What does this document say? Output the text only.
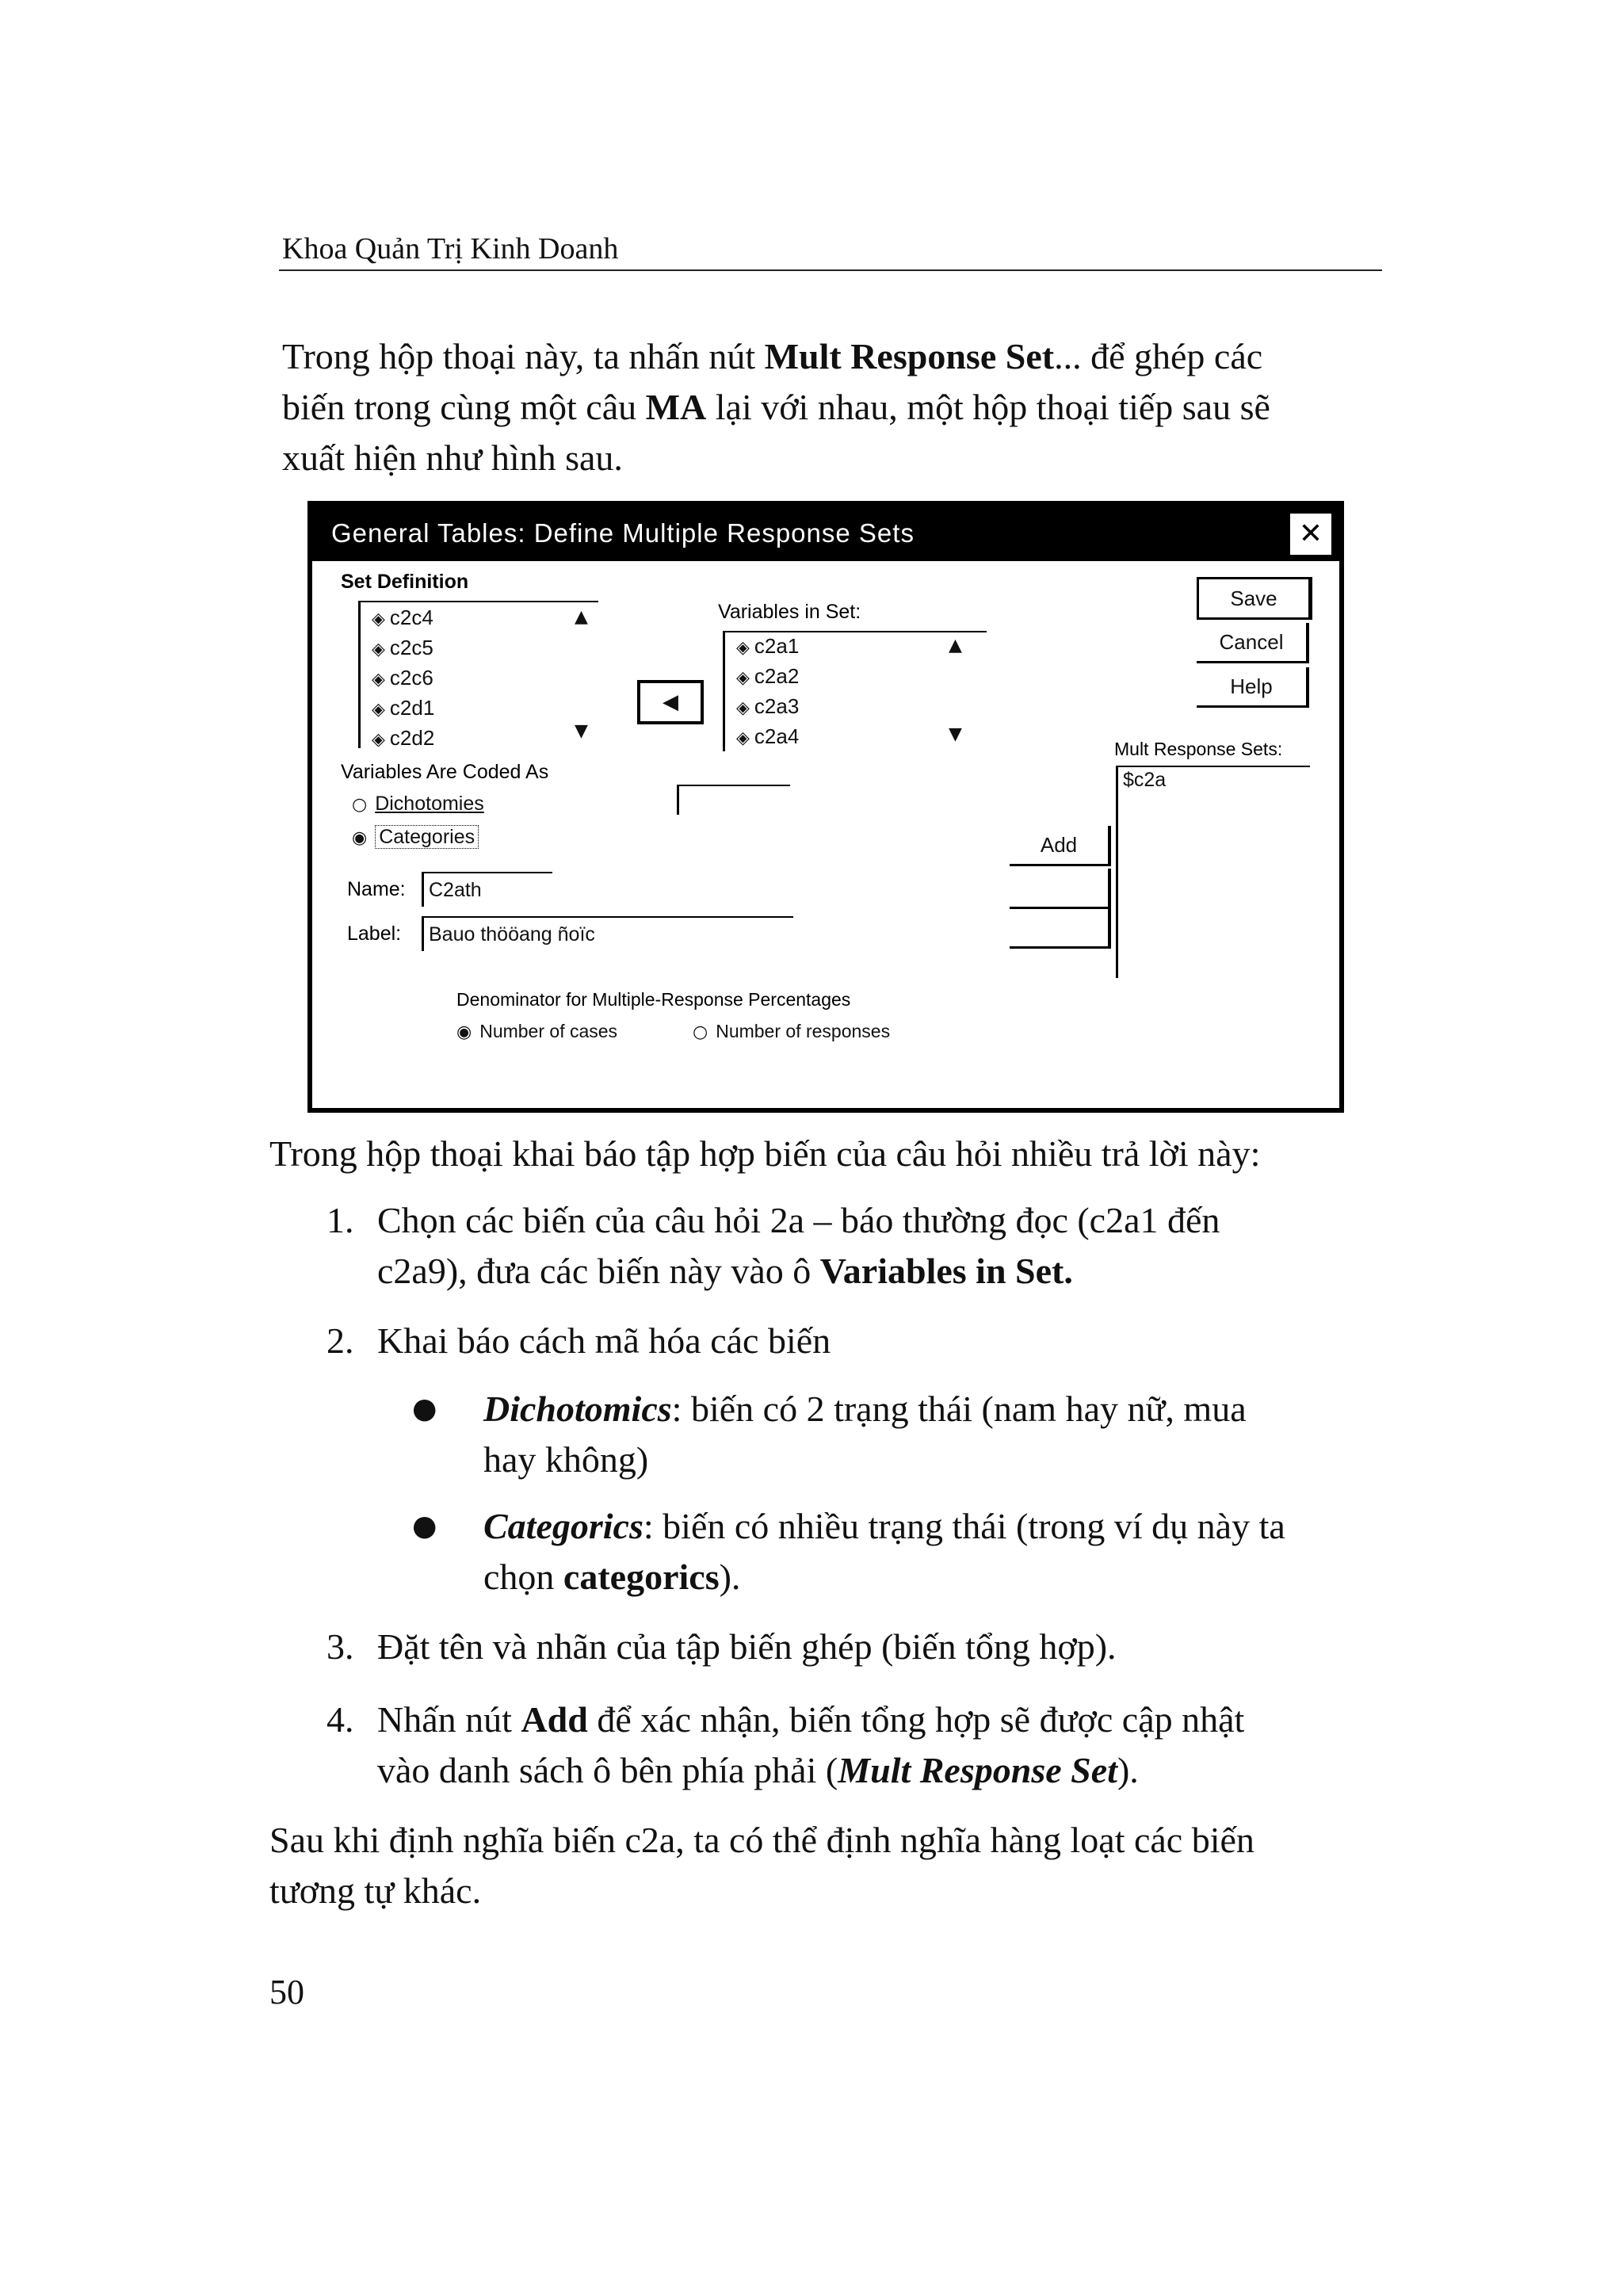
Khoa Quản Trị Kinh Doanh
Trong hộp thoại này, ta nhấn nút Mult Response Set... để ghép các
biến trong cùng một câu MA lại với nhau, một hộp thoại tiếp sau sẽ
xuất hiện như hình sau.
General Tables: Define Multiple Response Sets	✕
Set Definition
◈ c2c4
◈ c2c5
◈ c2c6
◈ c2d1
◈ c2d2
▲
▼
◀
Variables in Set:
◈ c2a1
◈ c2a2
◈ c2a3
◈ c2a4
▲
▼
Save
Cancel
Help
Mult Response Sets:
$c2a
Variables Are Coded As
○ Dichotomies
◉ Categories	Add
Name:	C2ath
Label:	Bauo thööang ñoïc
Denominator for Multiple-Response Percentages
◉ Number of cases	○ Number of responses
Trong hộp thoại khai báo tập hợp biến của câu hỏi nhiều trả lời này:
1. Chọn các biến của câu hỏi 2a – báo thường đọc (c2a1 đến
c2a9), đưa các biến này vào ô Variables in Set.
2. Khai báo cách mã hóa các biến
● Dichotomics: biến có 2 trạng thái (nam hay nữ, mua
hay không)
● Categorics: biến có nhiều trạng thái (trong ví dụ này ta
chọn categorics).
3. Đặt tên và nhãn của tập biến ghép (biến tổng hợp).
4. Nhấn nút Add để xác nhận, biến tổng hợp sẽ được cập nhật
vào danh sách ô bên phía phải (Mult Response Set).
Sau khi định nghĩa biến c2a, ta có thể định nghĩa hàng loạt các biến
tương tự khác.
50
